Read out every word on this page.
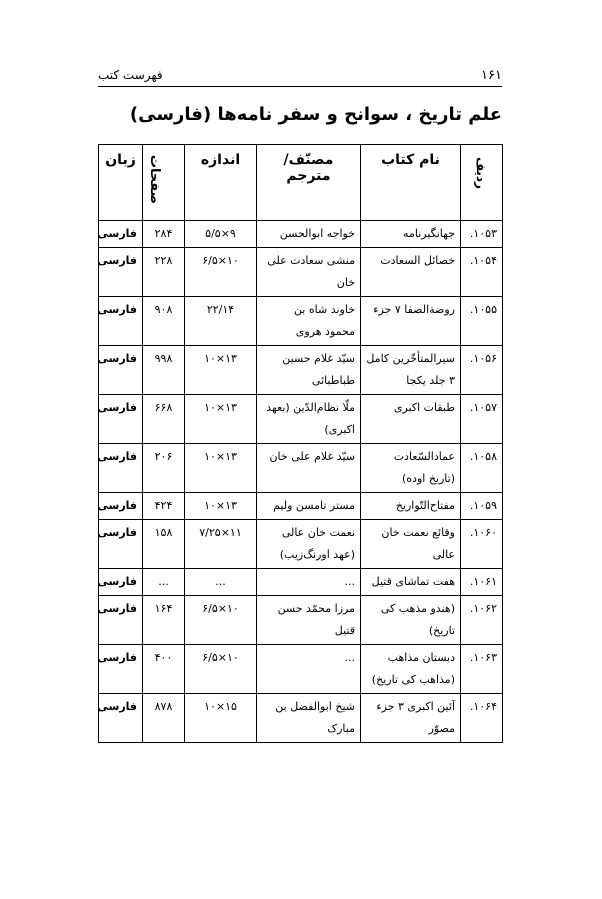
۱۶۱
فهرست کتب
علم تاریخ ، سوانح و سفر نامه‌ها (فارسی)
ردیف	نام کتاب	مصنّف/مترجم	اندازه	صفحات	زبان
۱۰۵۳.	جهانگیرنامه	خواجه ابوالحسن	۹×۵/۵	۲۸۴	فارسی
۱۰۵۴.	خصائل السعادت	منشی سعادت علی خان	۱۰×۶/۵	۲۲۸	فارسی
۱۰۵۵.	روضة‌الصفا ۷ جزء	خاوند شاه بن محمود هروی	۲۲/۱۴	۹۰۸	فارسی
۱۰۵۶.	سیرالمتأخّرین کامل ۳ جلد یکجا	سیّد غلام حسین طباطبائی	۱۳×۱۰	۹۹۸	فارسی
۱۰۵۷.	طبقات اکبری	ملّا نظام‌الدّین (بعهد اکبری)	۱۳×۱۰	۶۶۸	فارسی
۱۰۵۸.	عمادالسّعادت (تاریخ اوده)	سیّد غلام علی خان	۱۳×۱۰	۲۰۶	فارسی
۱۰۵۹.	مفتاح‌التّواریخ	مستر تامسن ولیم	۱۳×۱۰	۴۲۴	فارسی
۱۰۶۰.	وقائع نعمت خان عالی	نعمت خان عالی (عهد اورنگ‌زیب)	۱۱×۷/۲۵	۱۵۸	فارسی
۱۰۶۱.	هفت تماشای قتیل	...	...	...	فارسی
۱۰۶۲.	(هندو مذهب کی تاریخ)	مرزا محمّد حسن قتیل	۱۰×۶/۵	۱۶۴	فارسی
۱۰۶۳.	دبستان مذاهب (مذاهب کی تاریخ)	...	۱۰×۶/۵	۴۰۰	فارسی
۱۰۶۴.	آئین اکبری ۳ جزء مصوّر	شیخ ابوالفضل بن مبارک	۱۵×۱۰	۸۷۸	فارسی
